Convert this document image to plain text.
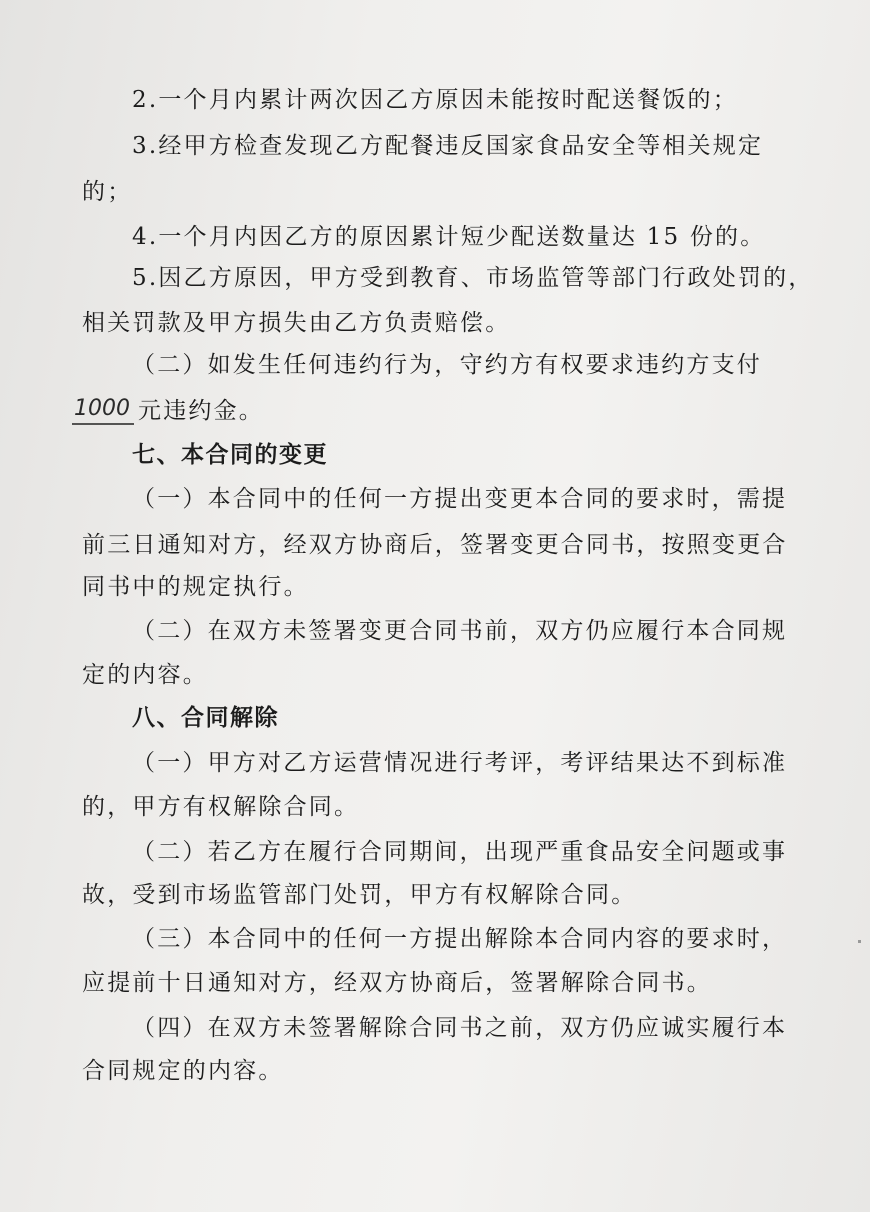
2.一个月内累计两次因乙方原因未能按时配送餐饭的；
3.经甲方检查发现乙方配餐违反国家食品安全等相关规定
的；
4.一个月内因乙方的原因累计短少配送数量达 15 份的。
5.因乙方原因，甲方受到教育、市场监管等部门行政处罚的，
相关罚款及甲方损失由乙方负责赔偿。
（二）如发生任何违约行为，守约方有权要求违约方支付
1000 元违约金。
七、本合同的变更
（一）本合同中的任何一方提出变更本合同的要求时，需提
前三日通知对方，经双方协商后，签署变更合同书，按照变更合
同书中的规定执行。
（二）在双方未签署变更合同书前，双方仍应履行本合同规
定的内容。
八、合同解除
（一）甲方对乙方运营情况进行考评，考评结果达不到标准
的，甲方有权解除合同。
（二）若乙方在履行合同期间，出现严重食品安全问题或事
故，受到市场监管部门处罚，甲方有权解除合同。
（三）本合同中的任何一方提出解除本合同内容的要求时，
应提前十日通知对方，经双方协商后，签署解除合同书。
（四）在双方未签署解除合同书之前，双方仍应诚实履行本
合同规定的内容。
